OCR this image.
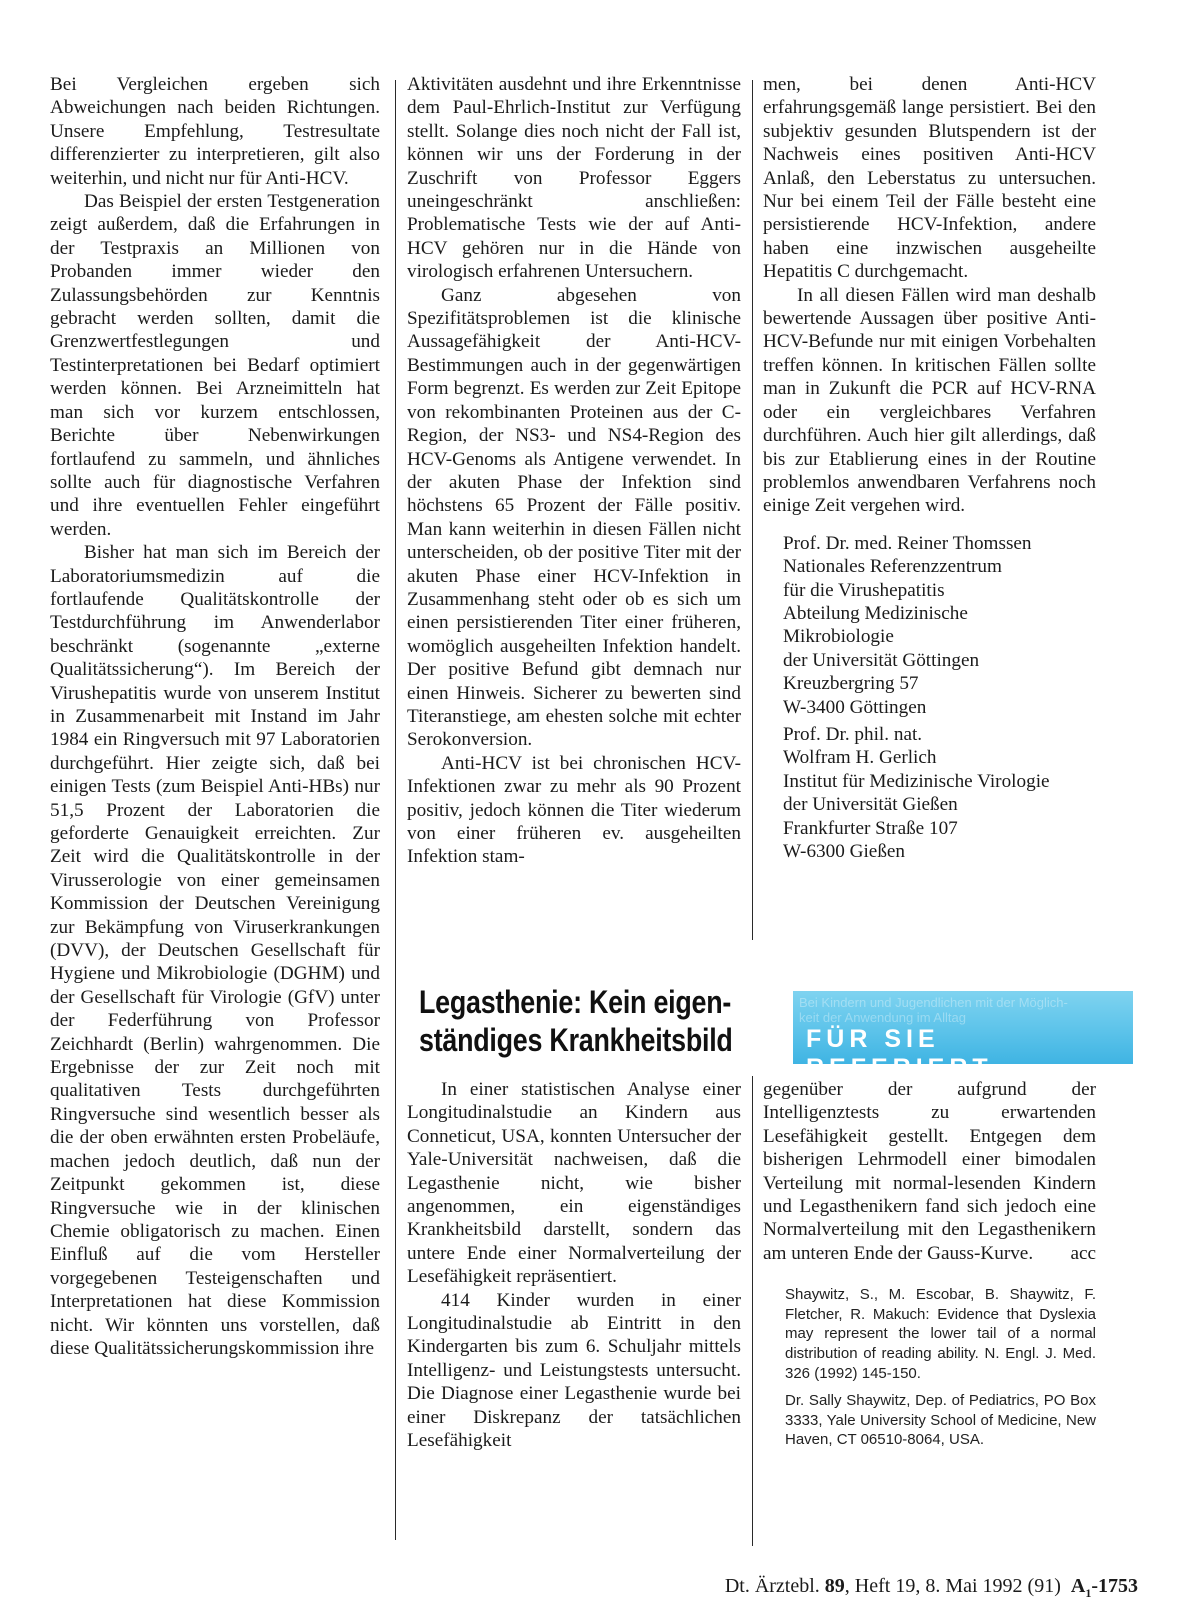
Bei Vergleichen ergeben sich Abweichungen nach beiden Richtungen. Unsere Empfehlung, Testresultate differenzierter zu interpretieren, gilt also weiterhin, und nicht nur für Anti-HCV.

Das Beispiel der ersten Testgeneration zeigt außerdem, daß die Erfahrungen in der Testpraxis an Millionen von Probanden immer wieder den Zulassungsbehörden zur Kenntnis gebracht werden sollten, damit die Grenzwertfestlegungen und Testinterpretationen bei Bedarf optimiert werden können. Bei Arzneimitteln hat man sich vor kurzem entschlossen, Berichte über Nebenwirkungen fortlaufend zu sammeln, und ähnliches sollte auch für diagnostische Verfahren und ihre eventuellen Fehler eingeführt werden.

Bisher hat man sich im Bereich der Laboratoriumsmedizin auf die fortlaufende Qualitätskontrolle der Testdurchführung im Anwenderlabor beschränkt (sogenannte „externe Qualitätssicherung“). Im Bereich der Virushepatitis wurde von unserem Institut in Zusammenarbeit mit Instand im Jahr 1984 ein Ringversuch mit 97 Laboratorien durchgeführt. Hier zeigte sich, daß bei einigen Tests (zum Beispiel Anti-HBs) nur 51,5 Prozent der Laboratorien die geforderte Genauigkeit erreichten. Zur Zeit wird die Qualitätskontrolle in der Virusserologie von einer gemeinsamen Kommission der Deutschen Vereinigung zur Bekämpfung von Viruserkrankungen (DVV), der Deutschen Gesellschaft für Hygiene und Mikrobiologie (DGHM) und der Gesellschaft für Virologie (GfV) unter der Federführung von Professor Zeichhardt (Berlin) wahrgenommen. Die Ergebnisse der zur Zeit noch mit qualitativen Tests durchgeführten Ringversuche sind wesentlich besser als die der oben erwähnten ersten Probeläufe, machen jedoch deutlich, daß nun der Zeitpunkt gekommen ist, diese Ringversuche wie in der klinischen Chemie obligatorisch zu machen. Einen Einfluß auf die vom Hersteller vorgegebenen Testeigenschaften und Interpretationen hat diese Kommission nicht. Wir könnten uns vorstellen, daß diese Qualitätssicherungskommission ihre

Aktivitäten ausdehnt und ihre Erkenntnisse dem Paul-Ehrlich-Institut zur Verfügung stellt. Solange dies noch nicht der Fall ist, können wir uns der Forderung in der Zuschrift von Professor Eggers uneingeschränkt anschließen: Problematische Tests wie der auf Anti-HCV gehören nur in die Hände von virologisch erfahrenen Untersuchern.

Ganz abgesehen von Spezifitätsproblemen ist die klinische Aussagefähigkeit der Anti-HCV-Bestimmungen auch in der gegenwärtigen Form begrenzt. Es werden zur Zeit Epitope von rekombinanten Proteinen aus der C-Region, der NS3- und NS4-Region des HCV-Genoms als Antigene verwendet. In der akuten Phase der Infektion sind höchstens 65 Prozent der Fälle positiv. Man kann weiterhin in diesen Fällen nicht unterscheiden, ob der positive Titer mit der akuten Phase einer HCV-Infektion in Zusammenhang steht oder ob es sich um einen persistierenden Titer einer früheren, womöglich ausgeheilten Infektion handelt. Der positive Befund gibt demnach nur einen Hinweis. Sicherer zu bewerten sind Titeranstiege, am ehesten solche mit echter Serokonversion.

Anti-HCV ist bei chronischen HCV-Infektionen zwar zu mehr als 90 Prozent positiv, jedoch können die Titer wiederum von einer früheren ev. ausgeheilten Infektion stam-

men, bei denen Anti-HCV erfahrungsgemäß lange persistiert. Bei den subjektiv gesunden Blutspendern ist der Nachweis eines positiven Anti-HCV Anlaß, den Leberstatus zu untersuchen. Nur bei einem Teil der Fälle besteht eine persistierende HCV-Infektion, andere haben eine inzwischen ausgeheilte Hepatitis C durchgemacht.

In all diesen Fällen wird man deshalb bewertende Aussagen über positive Anti-HCV-Befunde nur mit einigen Vorbehalten treffen können. In kritischen Fällen sollte man in Zukunft die PCR auf HCV-RNA oder ein vergleichbares Verfahren durchführen. Auch hier gilt allerdings, daß bis zur Etablierung eines in der Routine problemlos anwendbaren Verfahrens noch einige Zeit vergehen wird.

Prof. Dr. med. Reiner Thomssen
Nationales Referenzzentrum
für die Virushepatitis
Abteilung Medizinische
Mikrobiologie
der Universität Göttingen
Kreuzbergring 57
W-3400 Göttingen
Prof. Dr. phil. nat.
Wolfram H. Gerlich
Institut für Medizinische Virologie
der Universität Gießen
Frankfurter Straße 107
W-6300 Gießen
Legasthenie: Kein eigen-
ständiges Krankheitsbild
Bei Kindern und Jugendlichen mit der Möglich-
keit der Anwendung im Alltag
FÜR SIE REFERIERT

In einer statistischen Analyse einer Longitudinalstudie an Kindern aus Conneticut, USA, konnten Untersucher der Yale-Universität nachweisen, daß die Legasthenie nicht, wie bisher angenommen, ein eigenständiges Krankheitsbild darstellt, sondern das untere Ende einer Normalverteilung der Lesefähigkeit repräsentiert.

414 Kinder wurden in einer Longitudinalstudie ab Eintritt in den Kindergarten bis zum 6. Schuljahr mittels Intelligenz- und Leistungstests untersucht. Die Diagnose einer Legasthenie wurde bei einer Diskrepanz der tatsächlichen Lesefähigkeit

gegenüber der aufgrund der Intelligenztests zu erwartenden Lesefähigkeit gestellt. Entgegen dem bisherigen Lehrmodell einer bimodalen Verteilung mit normal-lesenden Kindern und Legasthenikern fand sich jedoch eine Normalverteilung mit den Legasthenikern am unteren Ende der Gauss-Kurve. acc

Shaywitz, S., M. Escobar, B. Shaywitz, F. Fletcher, R. Makuch: Evidence that Dyslexia may represent the lower tail of a normal distribution of reading ability. N. Engl. J. Med. 326 (1992) 145-150.

Dr. Sally Shaywitz, Dep. of Pediatrics, PO Box 3333, Yale University School of Medicine, New Haven, CT 06510-8064, USA.

Dt. Ärztebl. 89, Heft 19, 8. Mai 1992 (91) $A_1-1753$
